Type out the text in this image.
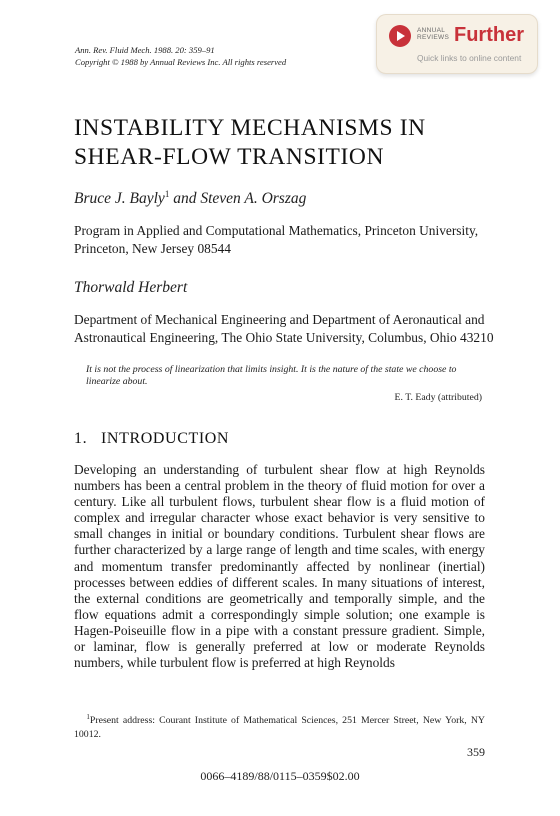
Ann. Rev. Fluid Mech. 1988. 20: 359–91
Copyright © 1988 by Annual Reviews Inc. All rights reserved
ANNUAL
REVIEWS Further
Quick links to online content
INSTABILITY MECHANISMS IN
SHEAR-FLOW TRANSITION
Bruce J. Bayly$^1$ and Steven A. Orszag
Program in Applied and Computational Mathematics, Princeton University, Princeton, New Jersey 08544
Thorwald Herbert
Department of Mechanical Engineering and Department of Aeronautical and Astronautical Engineering, The Ohio State University, Columbus, Ohio 43210
It is not the process of linearization that limits insight. It is the nature of the state we choose to linearize about.
E. T. Eady (attributed)
1.   INTRODUCTION

Developing an understanding of turbulent shear flow at high Reynolds numbers has been a central problem in the theory of fluid motion for over a century. Like all turbulent flows, turbulent shear flow is a fluid motion of complex and irregular character whose exact behavior is very sensitive to small changes in initial or boundary conditions. Turbulent shear flows are further characterized by a large range of length and time scales, with energy and momentum transfer predominantly affected by nonlinear (inertial) processes between eddies of different scales. In many situations of interest, the external conditions are geometrically and temporally simple, and the flow equations admit a correspondingly simple solution; one example is Hagen-Poiseuille flow in a pipe with a constant pressure gradient. Simple, or laminar, flow is generally preferred at low or moderate Reynolds numbers, while turbulent flow is preferred at high Reynolds

$^1$Present address: Courant Institute of Mathematical Sciences, 251 Mercer Street, New York, NY 10012.
359
0066–4189/88/0115–0359$02.00
